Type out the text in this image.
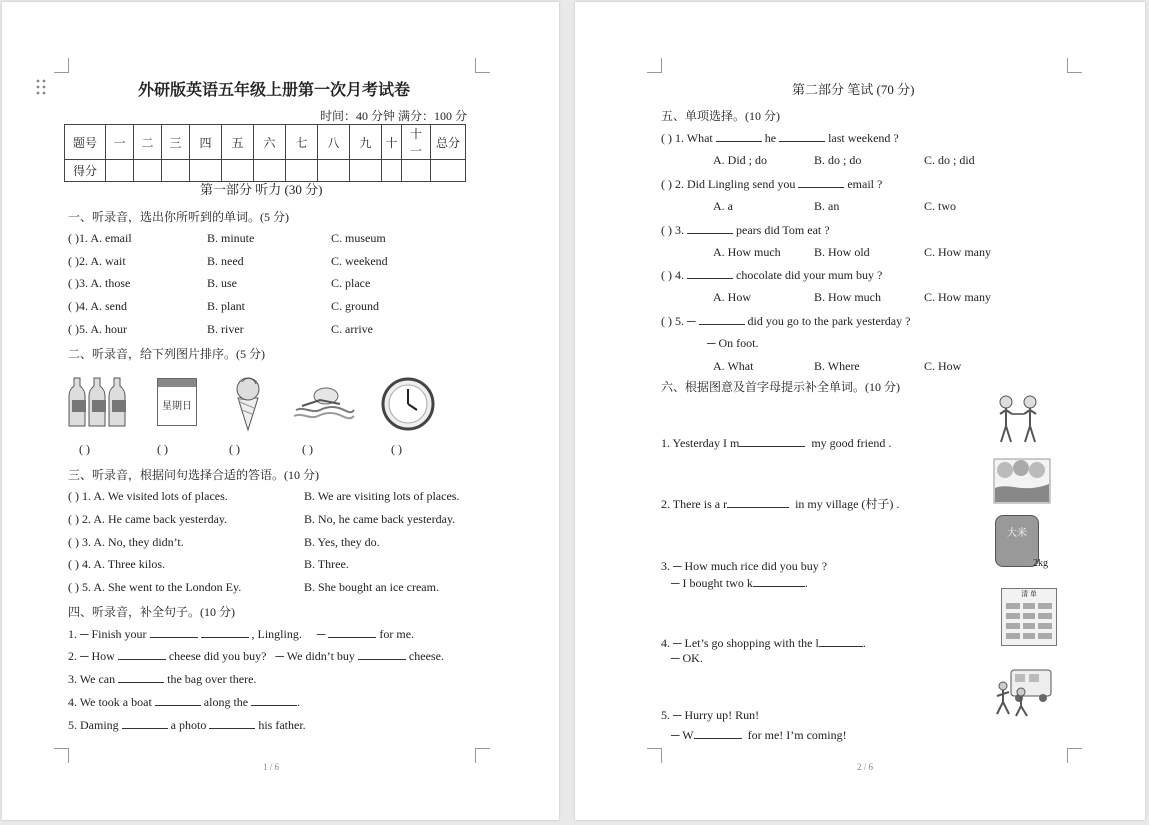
外研版英语五年级上册第一次月考试卷
时间：40 分钟 满分：100 分
题号	一	二	三	四	五	六	七	八	九	十	十一	总分
得分												
第一部分 听力 (30 分)
一、听录音，选出你所听到的单词。(5 分)
( )1. A. email	B. minute	C. museum
( )2. A. wait	B. need	C. weekend
( )3. A. those	B. use	C. place
( )4. A. send	B. plant	C. ground
( )5. A. hour	B. river	C. arrive
二、听录音，给下列图片排序。(5 分)
星期日
( )	( )	( )	( )	( )
三、听录音，根据问句选择合适的答语。(10 分)
( ) 1. A. We visited lots of places.	B. We are visiting lots of places.
( ) 2. A. He came back yesterday.	B. No, he came back yesterday.
( ) 3. A. No, they didn’t.	B. Yes, they do.
( ) 4. A. Three kilos.	B. Three.
( ) 5. A. She went to the London Ey.	B. She bought an ice cream.
四、听录音，补全句子。(10 分)
1. ─ Finish your	, Lingling. ─	for me.
2. ─ How	cheese did you buy? ─ We didn’t buy	cheese.
3. We can	the bag over there.
4. We took a boat	along the	.
5. Daming	a photo	his father.
1 / 6
第二部分 笔试 (70 分)
五、单项选择。(10 分)
( ) 1. What	he	last weekend ?
A. Did ; do	B. do ; do	C. do ; did
( ) 2. Did Lingling send you	email ?
A. a	B. an	C. two
( ) 3.	pears did Tom eat ?
A. How much	B. How old	C. How many
( ) 4.	chocolate did your mum buy ?
A. How	B. How much	C. How many
( ) 5. ─	did you go to the park yesterday ?
─ On foot.
A. What	B. Where	C. How
六、根据图意及首字母提示补全单词。(10 分)
1. Yesterday I m	my good friend .
2. There is a r	in my village (村子) .
大米
2kg
3. ─ How much rice did you buy ?
─ I bought two k	.
清 单
4. ─ Let’s go shopping with the l	.
─ OK.
5. ─ Hurry up! Run!
─ W	for me! I’m coming!
2 / 6
